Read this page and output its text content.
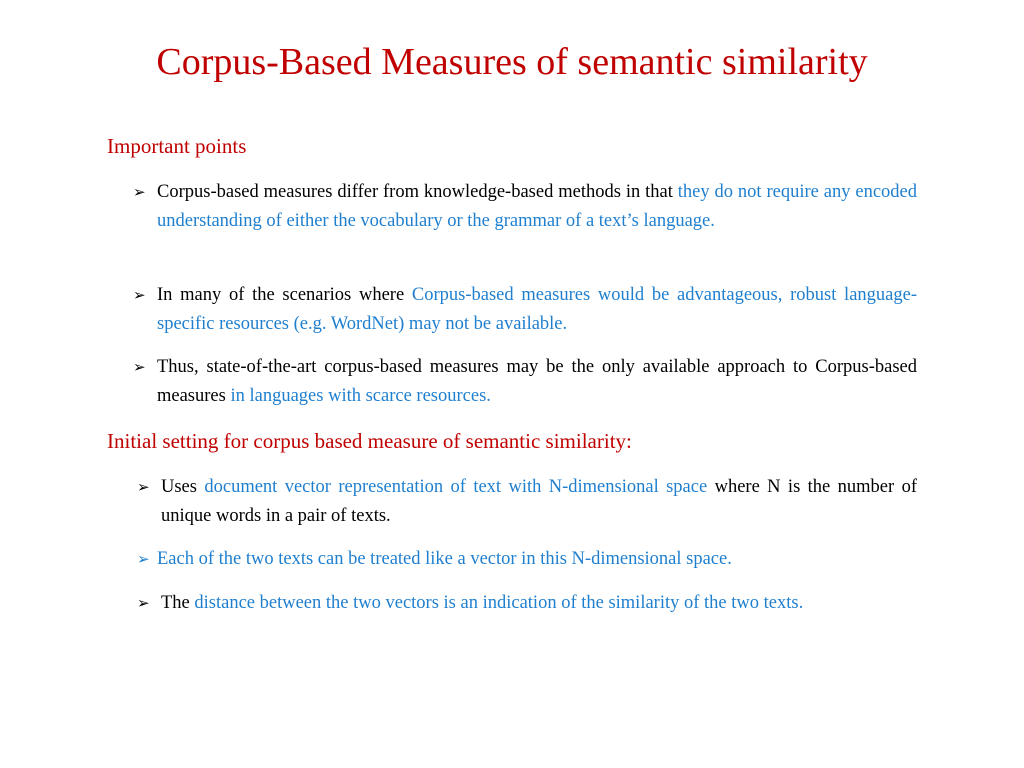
Corpus-Based Measures of semantic similarity
Important points
➢ Corpus-based measures differ from knowledge-based methods in that they do not require any encoded understanding of either the vocabulary or the grammar of a text’s language.
➢ In many of the scenarios where Corpus-based measures would be advantageous, robust language-specific resources (e.g. WordNet) may not be available.
➢ Thus, state-of-the-art corpus-based measures may be the only available approach to Corpus-based measures in languages with scarce resources.
Initial setting for corpus based measure of semantic similarity:
➢ Uses document vector representation of text with N-dimensional space where N is the number of unique words in a pair of texts.
➢ Each of the two texts can be treated like a vector in this N-dimensional space.
➢ The distance between the two vectors is an indication of the similarity of the two texts.
